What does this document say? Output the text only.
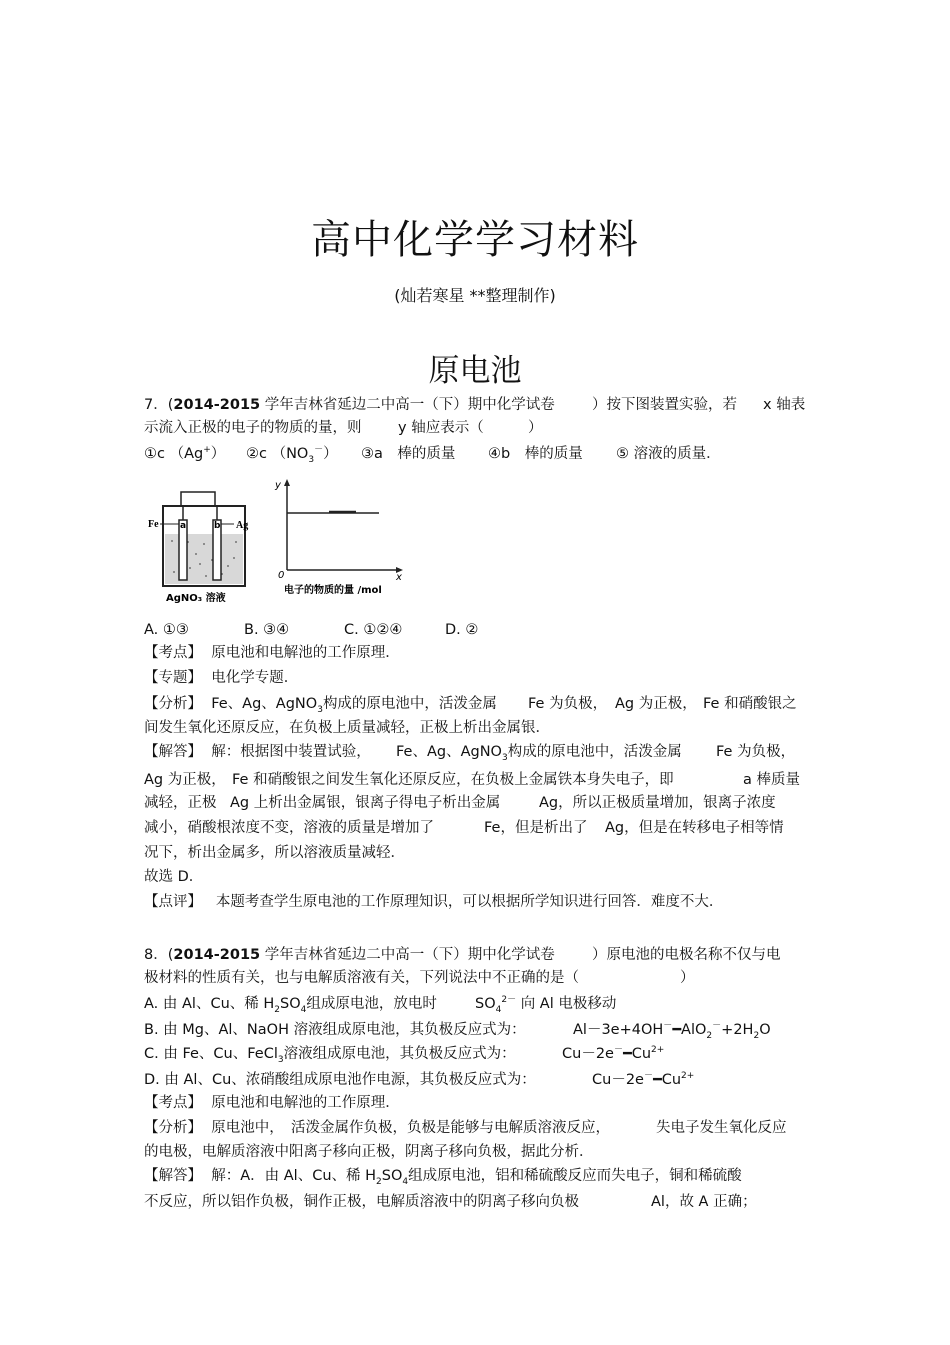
高中化学学习材料
(灿若寒星 **整理制作)
原电池
7．(2014-2015 学年吉林省延边二中高一（下）期中化学试卷	）按下图装置实验，若 x 轴表
示流入正极的电子的物质的量，则	y 轴应表示（	）
①c （Ag+） ②c $(NO_3^-)$ ③a　棒的质量 ④b　棒的质量 ⑤ 溶液的质量．
Fe	Ag
a	b
AgNO₃ 溶液
y
0	x
电子的物质的量 /mol
A. ①③	B. ③④	C. ①②④	D. ②
【考点】 原电池和电解池的工作原理．
【专题】 电化学专题．
【分析】 Fe、Ag、AgNO$_3$构成的原电池中，活泼金属 Fe 为负极， Ag 为正极， Fe 和硝酸银之
间发生氧化还原反应，在负极上质量减轻，正极上析出金属银．
【解答】 解：根据图中装置试验， Fe、Ag、AgNO$_3$构成的原电池中，活泼金属 Fe 为负极，
Ag 为正极， Fe 和硝酸银之间发生氧化还原反应，在负极上金属铁本身失电子，即	a 棒质量
减轻，正极 Ag 上析出金属银，银离子得电子析出金属	Ag，所以正极质量增加，银离子浓度
减小，硝酸根浓度不变，溶液的质量是增加了	Fe，但是析出了 Ag，但是在转移电子相等情
况下，析出金属多，所以溶液质量减轻．
故选 D．
【点评】 本题考查学生原电池的工作原理知识，可以根据所学知识进行回答．难度不大．
8．(2014-2015 学年吉林省延边二中高一（下）期中化学试卷	）原电池的电极名称不仅与电
极材料的性质有关，也与电解质溶液有关，下列说法中不正确的是（	）
A. 由 Al、Cu、稀 $H_2SO_4$组成原电池，放电时	$SO_4^{2-}$ 向 Al 电极移动
B. 由 Mg、Al、NaOH 溶液组成原电池，其负极反应式为：	$Al-3e+4OH^-━AlO_2^-+2H_2O$
C. 由 Fe、Cu、FeCl$_3$溶液组成原电池，其负极反应式为：	$Cu-2e^-━Cu^{2+}$
D. 由 Al、Cu、浓硝酸组成原电池作电源，其负极反应式为：	$Cu-2e^-━Cu^{2+}$
【考点】 原电池和电解池的工作原理．
【分析】 原电池中，　活泼金属作负极，负极是能够与电解质溶液反应，	失电子发生氧化反应
的电极，电解质溶液中阳离子移向正极，阴离子移向负极，据此分析．
【解答】 解：A．由 Al、Cu、稀 $H_2SO_4$组成原电池，铝和稀硫酸反应而失电子，铜和稀硫酸
不反应，所以铝作负极，铜作正极，电解质溶液中的阴离子移向负极	Al，故 A 正确；
